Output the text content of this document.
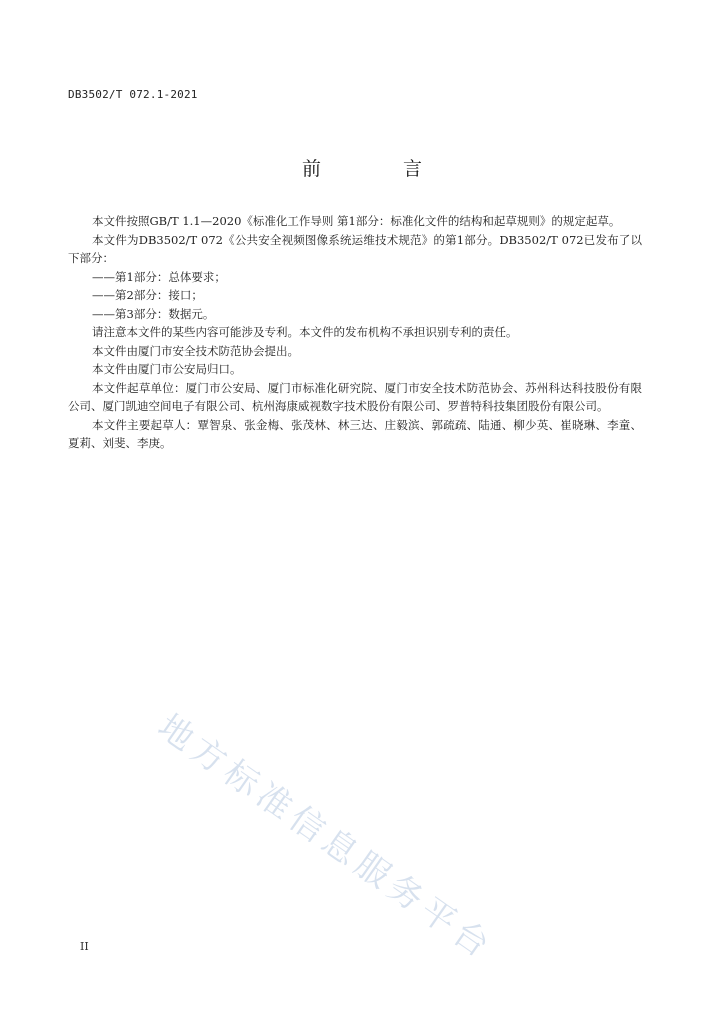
DB3502/T 072.1-2021
前 言

本文件按照GB/T 1.1—2020《标准化工作导则 第1部分：标准化文件的结构和起草规则》的规定起草。

本文件为DB3502/T 072《公共安全视频图像系统运维技术规范》的第1部分。DB3502/T 072已发布了以下部分：

——第1部分：总体要求；

——第2部分：接口；

——第3部分：数据元。

请注意本文件的某些内容可能涉及专利。本文件的发布机构不承担识别专利的责任。

本文件由厦门市安全技术防范协会提出。

本文件由厦门市公安局归口。

本文件起草单位：厦门市公安局、厦门市标准化研究院、厦门市安全技术防范协会、苏州科达科技股份有限公司、厦门凯迪空间电子有限公司、杭州海康威视数字技术股份有限公司、罗普特科技集团股份有限公司。

本文件主要起草人：覃智泉、张金梅、张茂林、林三达、庄毅滨、郭疏疏、陆通、柳少英、崔晓琳、李童、夏莉、刘斐、李庚。

地方标准信息服务平台
II
